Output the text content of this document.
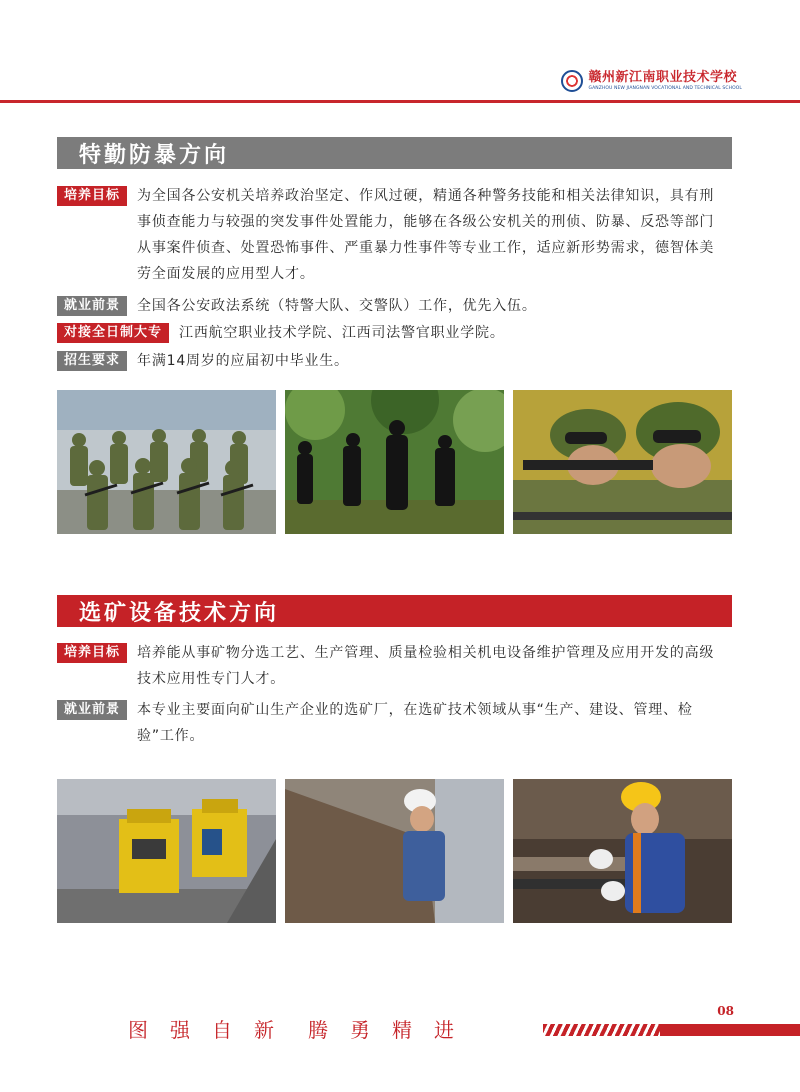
赣州新江南职业技术学校
GANZHOU NEW JIANGNAN VOCATIONAL AND TECHNICAL SCHOOL
特勤防暴方向
培养目标	为全国各公安机关培养政治坚定、作风过硬，精通各种警务技能和相关法律知识，具有刑事侦查能力与较强的突发事件处置能力，能够在各级公安机关的刑侦、防暴、反恐等部门从事案件侦查、处置恐怖事件、严重暴力性事件等专业工作，适应新形势需求，德智体美劳全面发展的应用型人才。
就业前景	全国各公安政法系统（特警大队、交警队）工作，优先入伍。
对接全日制大专	江西航空职业技术学院、江西司法警官职业学院。
招生要求	年满14周岁的应届初中毕业生。
选矿设备技术方向
培养目标	培养能从事矿物分选工艺、生产管理、质量检验相关机电设备维护管理及应用开发的高级技术应用性专门人才。
就业前景	本专业主要面向矿山生产企业的选矿厂，在选矿技术领域从事“生产、建设、管理、检验”工作。
图强自新 腾勇精进
08
